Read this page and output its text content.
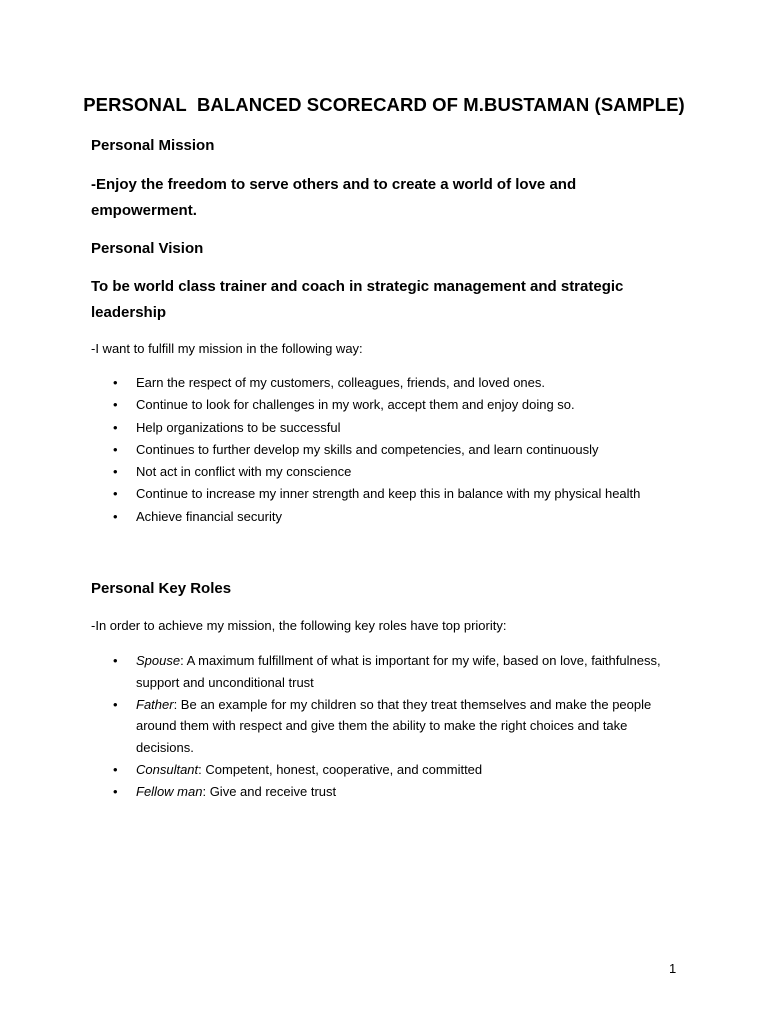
PERSONAL  BALANCED SCORECARD OF M.BUSTAMAN (SAMPLE)
Personal Mission
-Enjoy the freedom to serve others and to create a world of love and empowerment.
Personal Vision
To be world class trainer and coach in strategic management and strategic leadership
-I want to fulfill my mission in the following way:
• Earn the respect of my customers, colleagues, friends, and loved ones.
• Continue to look for challenges in my work, accept them and enjoy doing so.
• Help organizations to be successful
• Continues to further develop my skills and competencies, and learn continuously
• Not act in conflict with my conscience
• Continue to increase my inner strength and keep this in balance with my physical health
• Achieve financial security
Personal Key Roles
-In order to achieve my mission, the following key roles have top priority:
• Spouse: A maximum fulfillment of what is important for my wife, based on love, faithfulness, support and unconditional trust
• Father: Be an example for my children so that they treat themselves and make the people around them with respect and give them the ability to make the right choices and take decisions.
• Consultant: Competent, honest, cooperative, and committed
• Fellow man: Give and receive trust
1
